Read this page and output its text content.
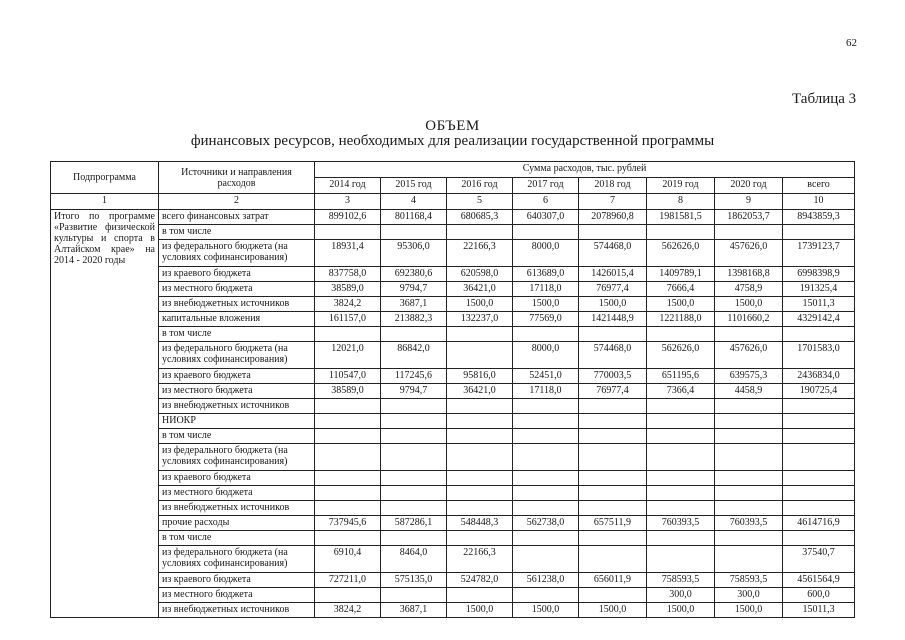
62
Таблица 3
ОБЪЕМ
финансовых ресурсов, необходимых для реализации государственной программы
Подпрограмма	Источники и направления расходов	Сумма расходов, тыс. рублей							
		2014 год	2015 год	2016 год	2017 год	2018 год	2019 год	2020 год	всего
1	2	3	4	5	6	7	8	9	10
Итого по программе «Развитие физической культуры и спорта в Алтайском крае» на 2014 - 2020 годы	всего финансовых затрат	899102,6	801168,4	680685,3	640307,0	2078960,8	1981581,5	1862053,7	8943859,3
	в том числе								
	из федерального бюджета (на условиях софинансирования)	18931,4	95306,0	22166,3	8000,0	574468,0	562626,0	457626,0	1739123,7
	из краевого бюджета	837758,0	692380,6	620598,0	613689,0	1426015,4	1409789,1	1398168,8	6998398,9
	из местного бюджета	38589,0	9794,7	36421,0	17118,0	76977,4	7666,4	4758,9	191325,4
	из внебюджетных источников	3824,2	3687,1	1500,0	1500,0	1500,0	1500,0	1500,0	15011,3
	капитальные вложения	161157,0	213882,3	132237,0	77569,0	1421448,9	1221188,0	1101660,2	4329142,4
	в том числе								
	из федерального бюджета (на условиях софинансирования)	12021,0	86842,0		8000,0	574468,0	562626,0	457626,0	1701583,0
	из краевого бюджета	110547,0	117245,6	95816,0	52451,0	770003,5	651195,6	639575,3	2436834,0
	из местного бюджета	38589,0	9794,7	36421,0	17118,0	76977,4	7366,4	4458,9	190725,4
	из внебюджетных источников								
	НИОКР								
	в том числе								
	из федерального бюджета (на условиях софинансирования)								
	из краевого бюджета								
	из местного бюджета								
	из внебюджетных источников								
	прочие расходы	737945,6	587286,1	548448,3	562738,0	657511,9	760393,5	760393,5	4614716,9
	в том числе								
	из федерального бюджета (на условиях софинансирования)	6910,4	8464,0	22166,3					37540,7
	из краевого бюджета	727211,0	575135,0	524782,0	561238,0	656011,9	758593,5	758593,5	4561564,9
	из местного бюджета						300,0	300,0	600,0
	из внебюджетных источников	3824,2	3687,1	1500,0	1500,0	1500,0	1500,0	1500,0	15011,3
